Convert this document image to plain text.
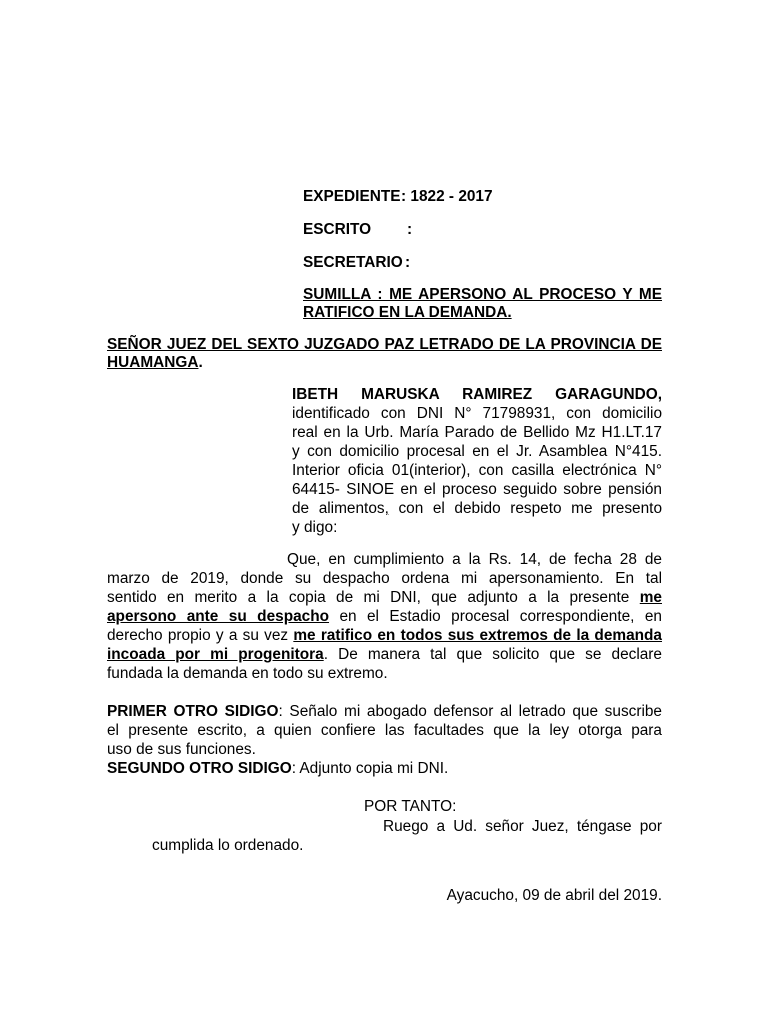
EXPEDIENTE : 1822 - 2017
ESCRITO :
SECRETARIO :
SUMILLA : ME APERSONO AL PROCESO Y ME
RATIFICO EN LA DEMANDA.
SEÑOR JUEZ DEL SEXTO JUZGADO PAZ LETRADO DE LA PROVINCIA DE
HUAMANGA.
IBETH MARUSKA RAMIREZ GARAGUNDO,
identificado con DNI N° 71798931, con domicilio
real en la Urb. María Parado de Bellido Mz H1.LT.17
y con domicilio procesal en el Jr. Asamblea N°415.
Interior oficia 01(interior), con casilla electrónica N°
64415- SINOE en el proceso seguido sobre pensión
de alimentos, con el debido respeto me presento
y digo:
Que, en cumplimiento a la Rs. 14, de fecha 28 de
marzo de 2019, donde su despacho ordena mi apersonamiento. En tal
sentido en merito a la copia de mi DNI, que adjunto a la presente me
apersono ante su despacho en el Estadio procesal correspondiente, en
derecho propio y a su vez me ratifico en todos sus extremos de la demanda
incoada por mi progenitora. De manera tal que solicito que se declare
fundada la demanda en todo su extremo.
PRIMER OTRO SIDIGO: Señalo mi abogado defensor al letrado que suscribe
el presente escrito, a quien confiere las facultades que la ley otorga para
uso de sus funciones.
SEGUNDO OTRO SIDIGO: Adjunto copia mi DNI.
POR TANTO:
Ruego a Ud. señor Juez, téngase por
cumplida lo ordenado.
Ayacucho, 09 de abril del 2019.
